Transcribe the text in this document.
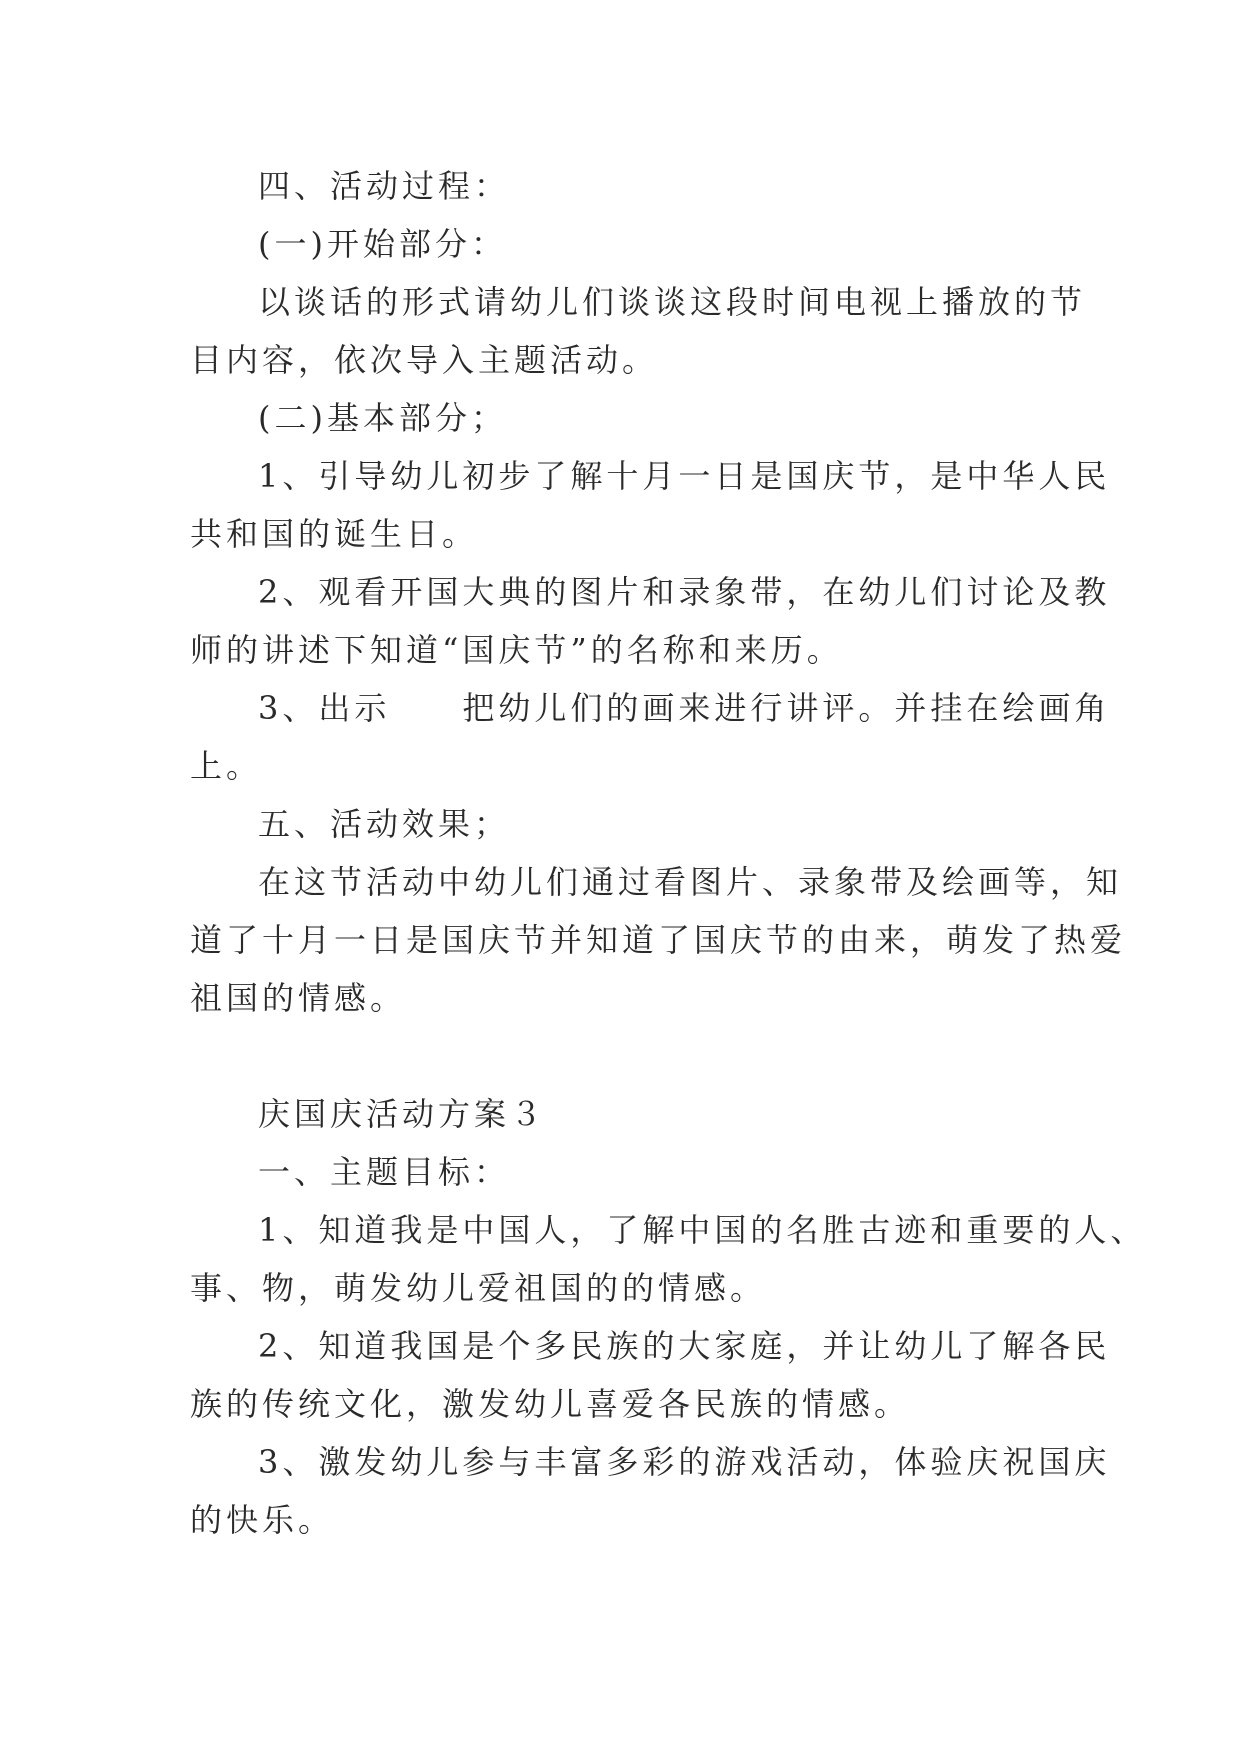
四、活动过程：
(一)开始部分：
以谈话的形式请幼儿们谈谈这段时间电视上播放的节
目内容，依次导入主题活动。
(二)基本部分；
1、引导幼儿初步了解十月一日是国庆节，是中华人民
共和国的诞生日。
2、观看开国大典的图片和录象带，在幼儿们讨论及教
师的讲述下知道“国庆节”的名称和来历。
3、出示　　把幼儿们的画来进行讲评。并挂在绘画角
上。
五、活动效果；
在这节活动中幼儿们通过看图片、录象带及绘画等，知
道了十月一日是国庆节并知道了国庆节的由来，萌发了热爱
祖国的情感。
庆国庆活动方案３
一、主题目标：
1、知道我是中国人，了解中国的名胜古迹和重要的人、
事、物，萌发幼儿爱祖国的的情感。
2、知道我国是个多民族的大家庭，并让幼儿了解各民
族的传统文化，激发幼儿喜爱各民族的情感。
3、激发幼儿参与丰富多彩的游戏活动，体验庆祝国庆
的快乐。
